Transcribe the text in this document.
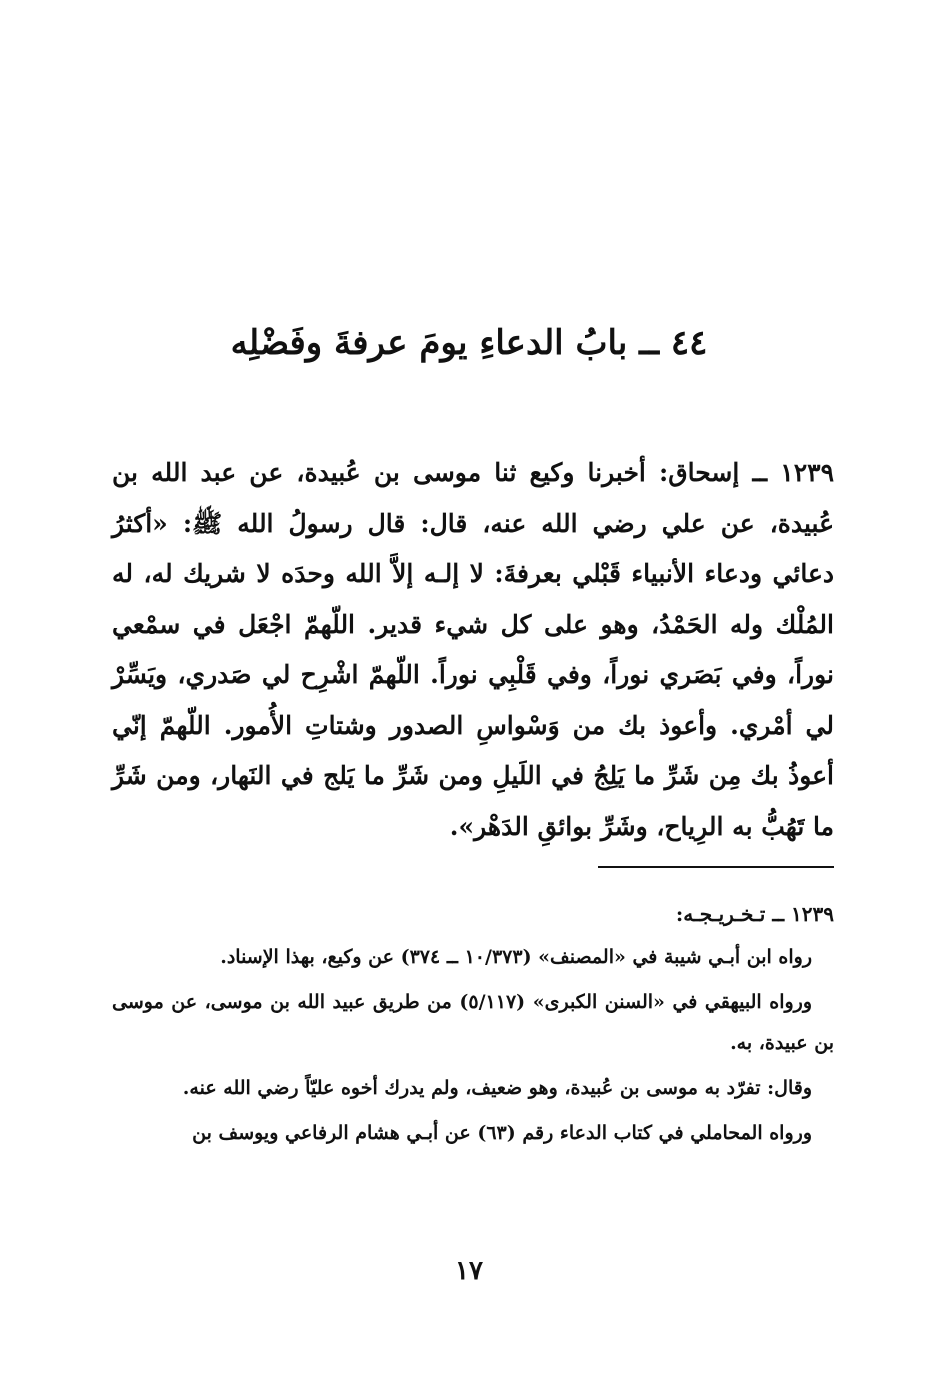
٤٤ ــ بابُ الدعاءِ يومَ عرفةَ وفَضْلِه

١٢٣٩ ــ إسحاق: أخبرنا وكيع ثنا موسى بن عُبيدة، عن عبد الله بن عُبيدة، عن علي رضي الله عنه، قال: قال رسولُ الله ﷺ: «أكثرُ دعائي ودعاء الأنبياء قَبْلي بعرفةَ: لا إلـه إلاَّ الله وحدَه لا شريك له، له المُلْك وله الحَمْدُ، وهو على كل شيء قدير. اللّهمّ اجْعَل في سمْعي نوراً، وفي بَصَري نوراً، وفي قَلْبِي نوراً. اللّهمّ اشْرِح لي صَدري، ويَسِّرْ لي أمْري. وأعوذ بك من وَسْواسِ الصدور وشتاتِ الأُمور. اللّهمّ إنّي أعوذُ بك مِن شَرِّ ما يَلِجُ في اللَيلِ ومن شَرِّ ما يَلج في النَهار، ومن شَرِّ ما تَهُبُّ به الرِياح، وشَرِّ بوائقِ الدَهْر».

١٢٣٩ ــ تـخـريـجـه:

رواه ابن أبـي شيبة في «المصنف» (١٠/٣٧٣ ــ ٣٧٤) عن وكيع، بهذا الإسناد.

ورواه البيهقي في «السنن الكبرى» (٥/١١٧) من طريق عبيد الله بن موسى، عن موسى بن عبيدة، به.

وقال: تفرّد به موسى بن عُبيدة، وهو ضعيف، ولم يدرك أخوه عليّاً رضي الله عنه.

ورواه المحاملي في كتاب الدعاء رقم (٦٣) عن أبـي هشام الرفاعي ويوسف بن

١٧
